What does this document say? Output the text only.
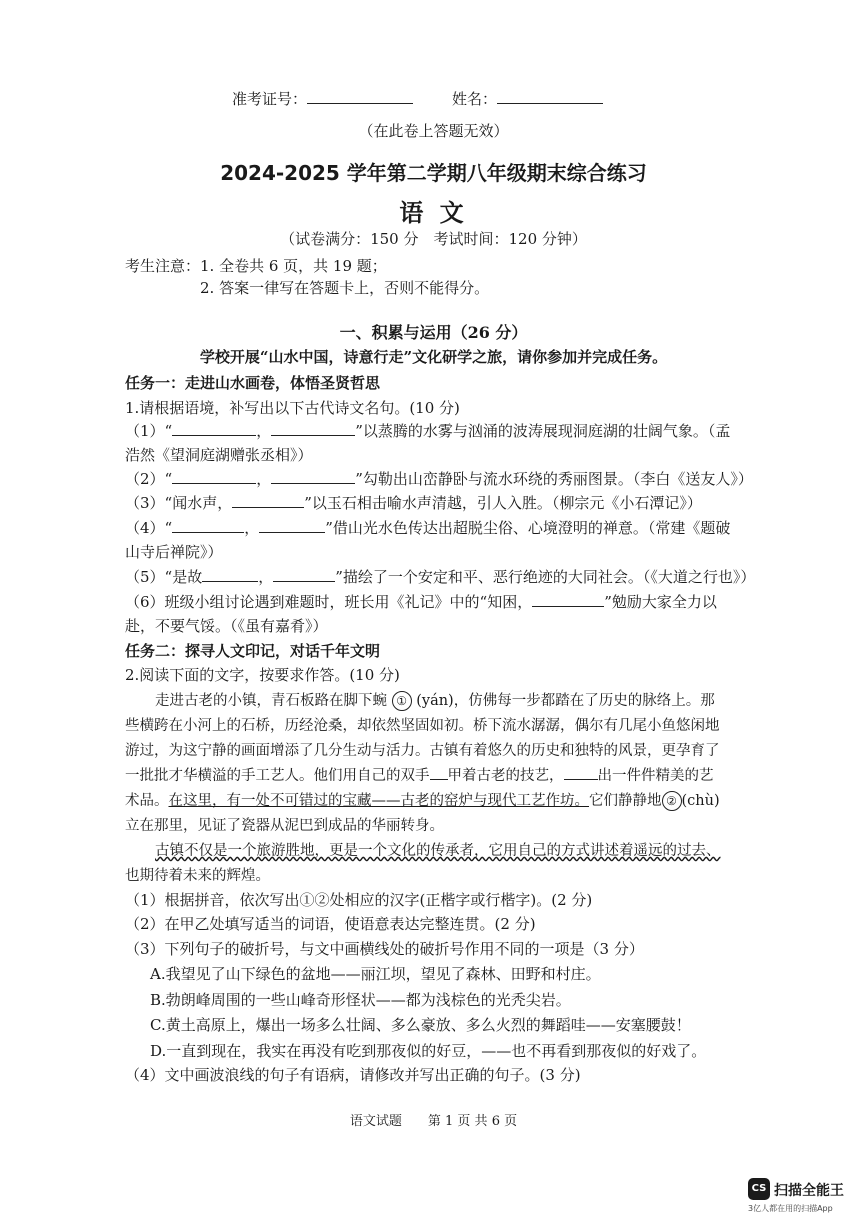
准考证号：	姓名：
（在此卷上答题无效）
2024-2025 学年第二学期八年级期末综合练习
语 文
（试卷满分：150 分　考试时间：120 分钟）
考生注意：1. 全卷共 6 页，共 19 题；
2. 答案一律写在答题卡上，否则不能得分。
一、积累与运用（26 分）
学校开展“山水中国，诗意行走”文化研学之旅，请你参加并完成任务。
任务一：走进山水画卷，体悟圣贤哲思
1.请根据语境，补写出以下古代诗文名句。(10 分)
（1）“	，	”以蒸腾的水雾与汹涌的波涛展现洞庭湖的壮阔气象。（孟
浩然《望洞庭湖赠张丞相》）
（2）“	，	”勾勒出山峦静卧与流水环绕的秀丽图景。（李白《送友人》）
（3）“闻水声，	”以玉石相击喻水声清越，引人入胜。（柳宗元《小石潭记》）
（4）“	，	”借山光水色传达出超脱尘俗、心境澄明的禅意。（常建《题破
山寺后禅院》）
（5）“是故	，	”描绘了一个安定和平、恶行绝迹的大同社会。（《大道之行也》）
（6）班级小组讨论遇到难题时，班长用《礼记》中的“知困，	”勉励大家全力以
赴，不要气馁。（《虽有嘉肴》）
任务二：探寻人文印记，对话千年文明
2.阅读下面的文字，按要求作答。(10 分)
走进古老的小镇，青石板路在脚下蜿 ① (yán)，仿佛每一步都踏在了历史的脉络上。那
些横跨在小河上的石桥，历经沧桑，却依然坚固如初。桥下流水潺潺，偶尔有几尾小鱼悠闲地
游过，为这宁静的画面增添了几分生动与活力。古镇有着悠久的历史和独特的风景，更孕育了
一批批才华横溢的手工艺人。他们用自己的双手 甲着古老的技艺， 出一件件精美的艺
术品。在这里，有一处不可错过的宝藏——古老的窑炉与现代工艺作坊。它们静静地 ② (chù)
立在那里，见证了瓷器从泥巴到成品的华丽转身。
古镇不仅是一个旅游胜地，更是一个文化的传承者，它用自己的方式讲述着遥远的过去、
也期待着未来的辉煌。
（1）根据拼音，依次写出①②处相应的汉字(正楷字或行楷字)。(2 分)
（2）在甲乙处填写适当的词语，使语意表达完整连贯。(2 分)
（3）下列句子的破折号，与文中画横线处的破折号作用不同的一项是（3 分）
A.我望见了山下绿色的盆地——丽江坝，望见了森林、田野和村庄。
B.勃朗峰周围的一些山峰奇形怪状——都为浅棕色的光秃尖岩。
C.黄土高原上，爆出一场多么壮阔、多么豪放、多么火烈的舞蹈哇——安塞腰鼓！
D.一直到现在，我实在再没有吃到那夜似的好豆，——也不再看到那夜似的好戏了。
（4）文中画波浪线的句子有语病，请修改并写出正确的句子。(3 分)
语文试题　　第 1 页 共 6 页
CS 扫描全能王
3亿人都在用的扫描App
